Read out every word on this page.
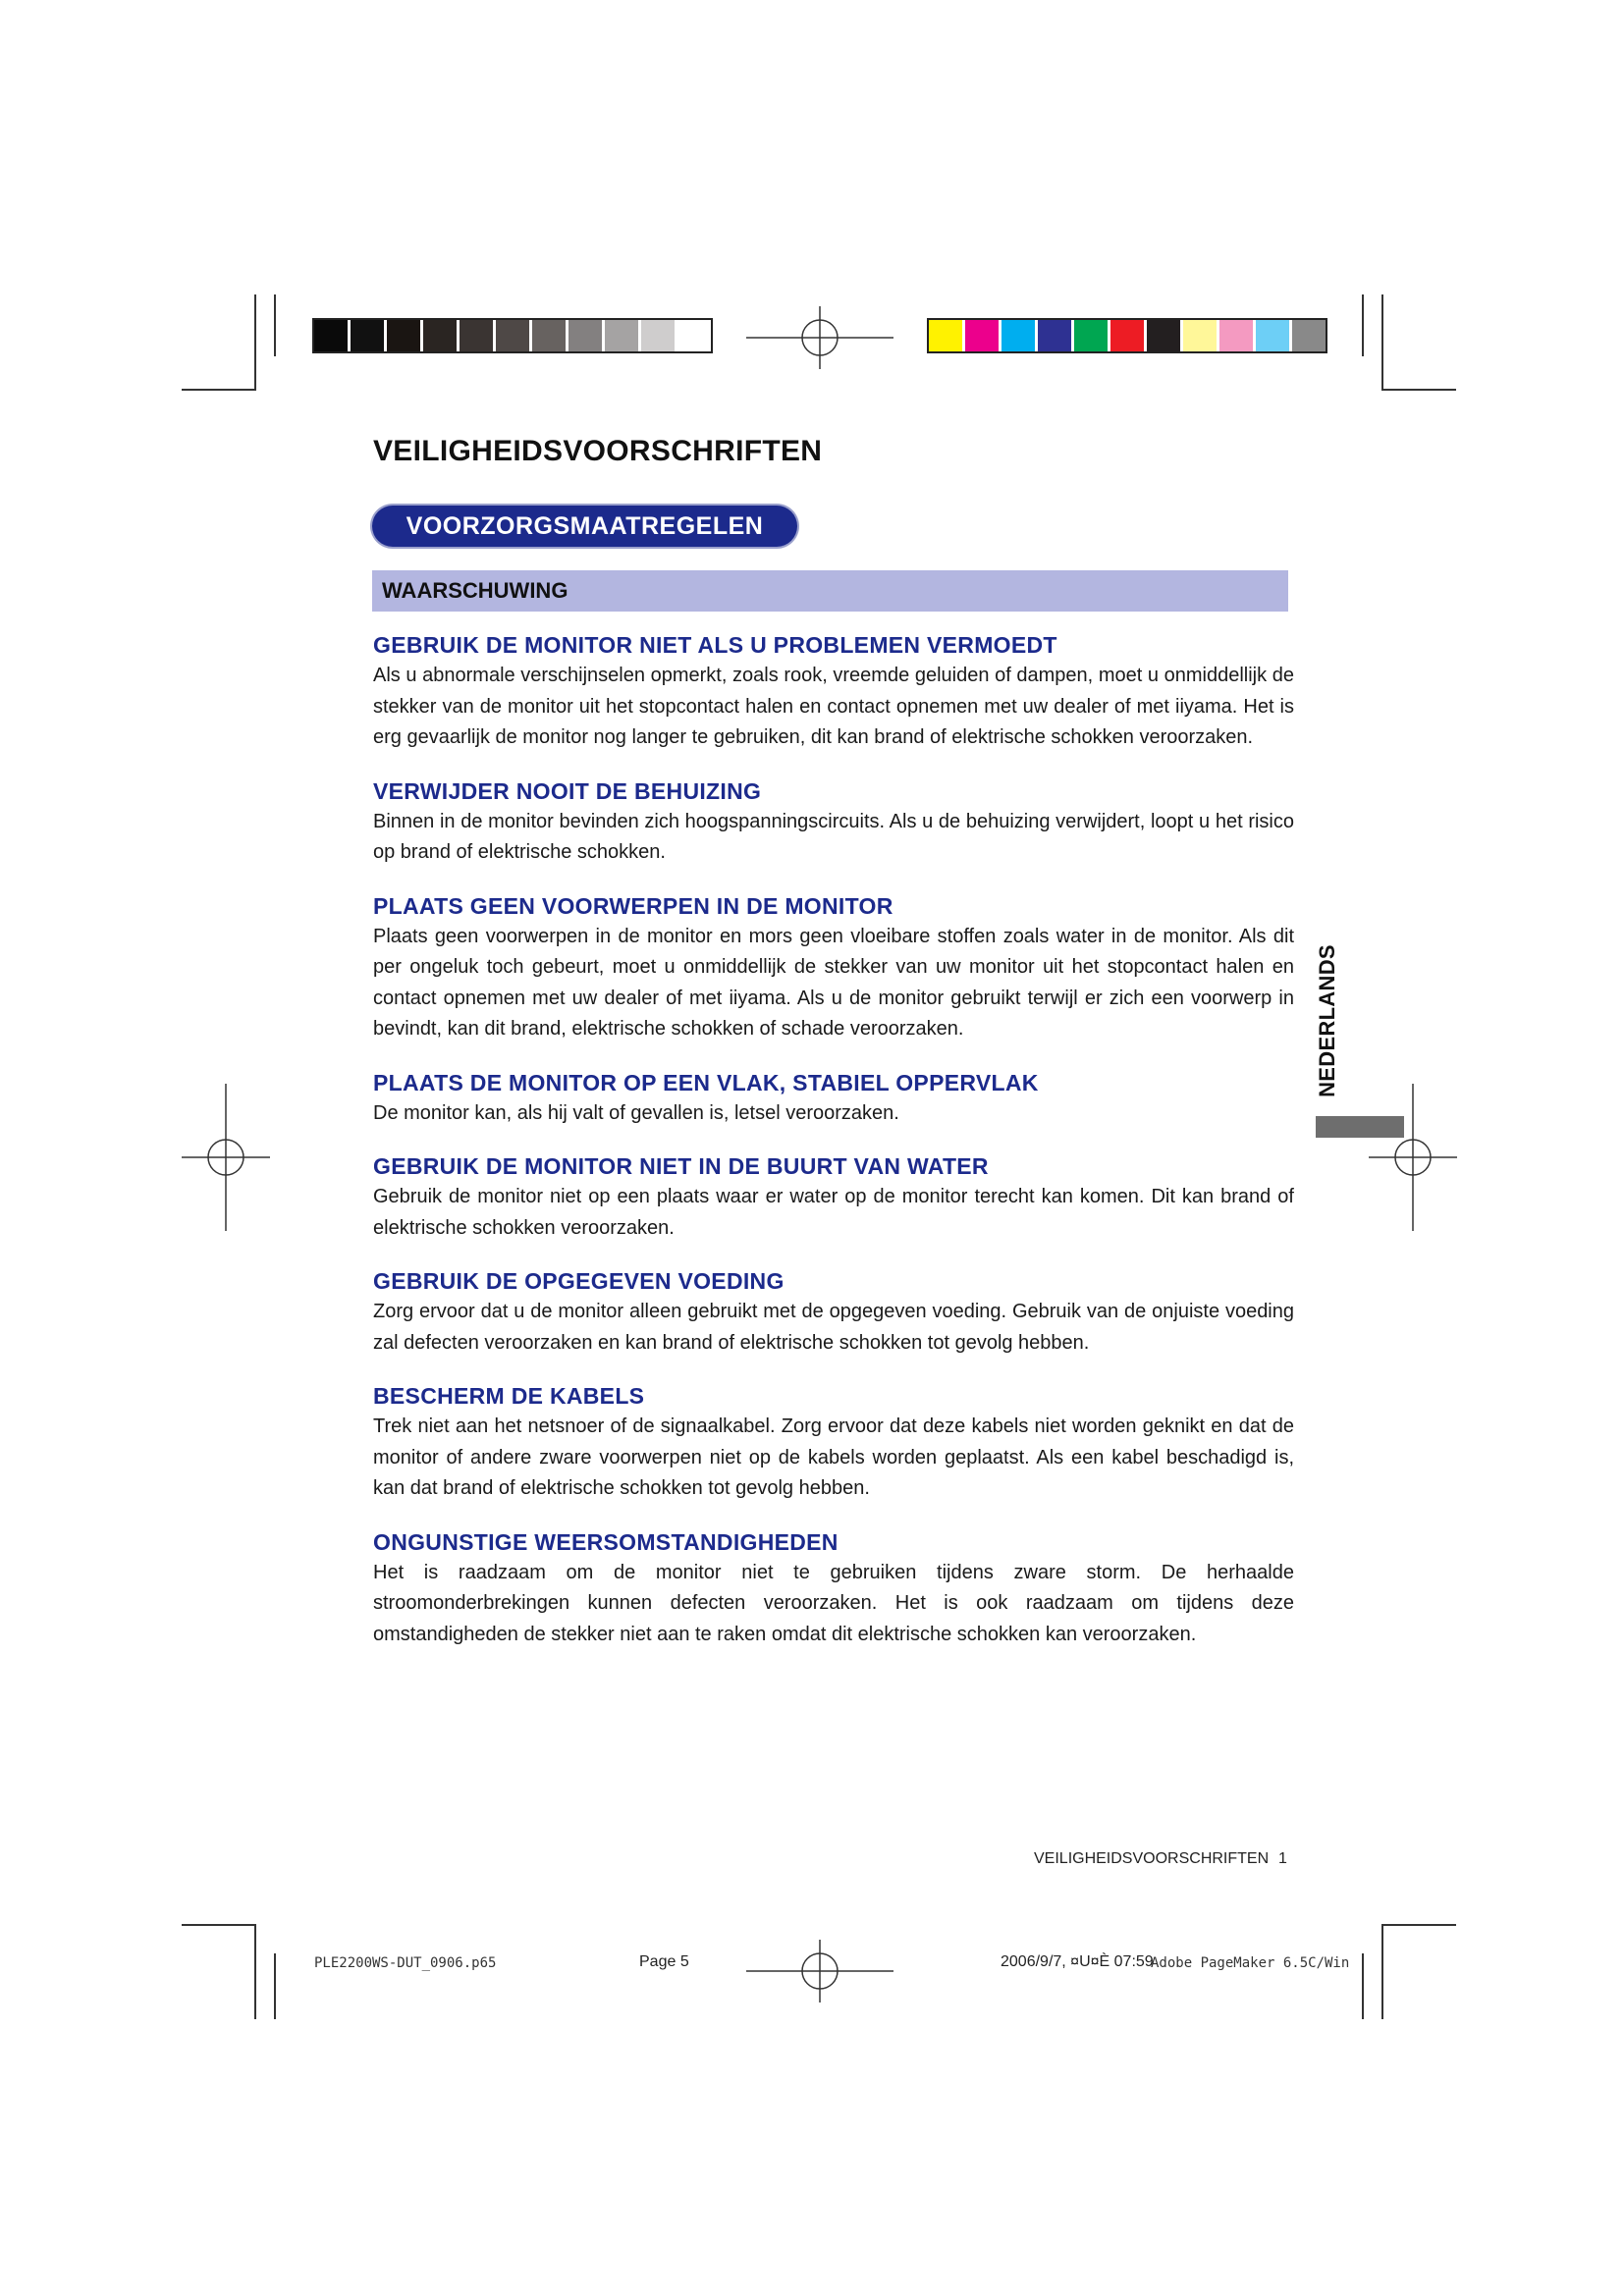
VEILIGHEIDSVOORSCHRIFTEN
VOORZORGSMAATREGELEN
WAARSCHUWING
GEBRUIK DE MONITOR NIET ALS U PROBLEMEN VERMOEDT
Als u abnormale verschijnselen opmerkt, zoals rook, vreemde geluiden of dampen, moet u onmiddellijk de stekker van de monitor uit het stopcontact halen en contact opnemen met uw dealer of met iiyama. Het is erg gevaarlijk de monitor nog langer te gebruiken, dit kan brand of elektrische schokken veroorzaken.
VERWIJDER NOOIT DE BEHUIZING
Binnen in de monitor bevinden zich hoogspanningscircuits. Als u de behuizing verwijdert, loopt u het risico op brand of elektrische schokken.
PLAATS GEEN VOORWERPEN IN DE MONITOR
Plaats geen voorwerpen in de monitor en mors geen vloeibare stoffen zoals water in de monitor. Als dit per ongeluk toch gebeurt, moet u onmiddellijk de stekker van uw monitor uit het stopcontact halen en contact opnemen met uw dealer of met iiyama. Als u de monitor gebruikt terwijl er zich een voorwerp in bevindt, kan dit brand, elektrische schokken of schade veroorzaken.
PLAATS DE MONITOR OP EEN VLAK, STABIEL OPPERVLAK
De monitor kan, als hij valt of gevallen is, letsel veroorzaken.
GEBRUIK DE MONITOR NIET IN DE BUURT VAN WATER
Gebruik de monitor niet op een plaats waar er water op de monitor terecht kan komen. Dit kan brand of elektrische schokken veroorzaken.
GEBRUIK DE OPGEGEVEN VOEDING
Zorg ervoor dat u de monitor alleen gebruikt met de opgegeven voeding. Gebruik van de onjuiste voeding zal defecten veroorzaken en kan brand of elektrische schokken tot gevolg hebben.
BESCHERM DE KABELS
Trek niet aan het netsnoer of de signaalkabel. Zorg ervoor dat deze kabels niet worden geknikt en dat de monitor of andere zware voorwerpen niet op de kabels worden geplaatst. Als een kabel beschadigd is, kan dat brand of elektrische schokken tot gevolg hebben.
ONGUNSTIGE WEERSOMSTANDIGHEDEN
Het is raadzaam om de monitor niet te gebruiken tijdens zware storm. De herhaalde stroomonderbrekingen kunnen defecten veroorzaken. Het is ook raadzaam om tijdens deze omstandigheden de stekker niet aan te raken omdat dit elektrische schokken kan veroorzaken.
NEDERLANDS
VEILIGHEIDSVOORSCHRIFTEN 1
PLE2200WS-DUT_0906.p65	Page 5	2006/9/7, ¤U¤È 07:59
Adobe PageMaker 6.5C/Win
